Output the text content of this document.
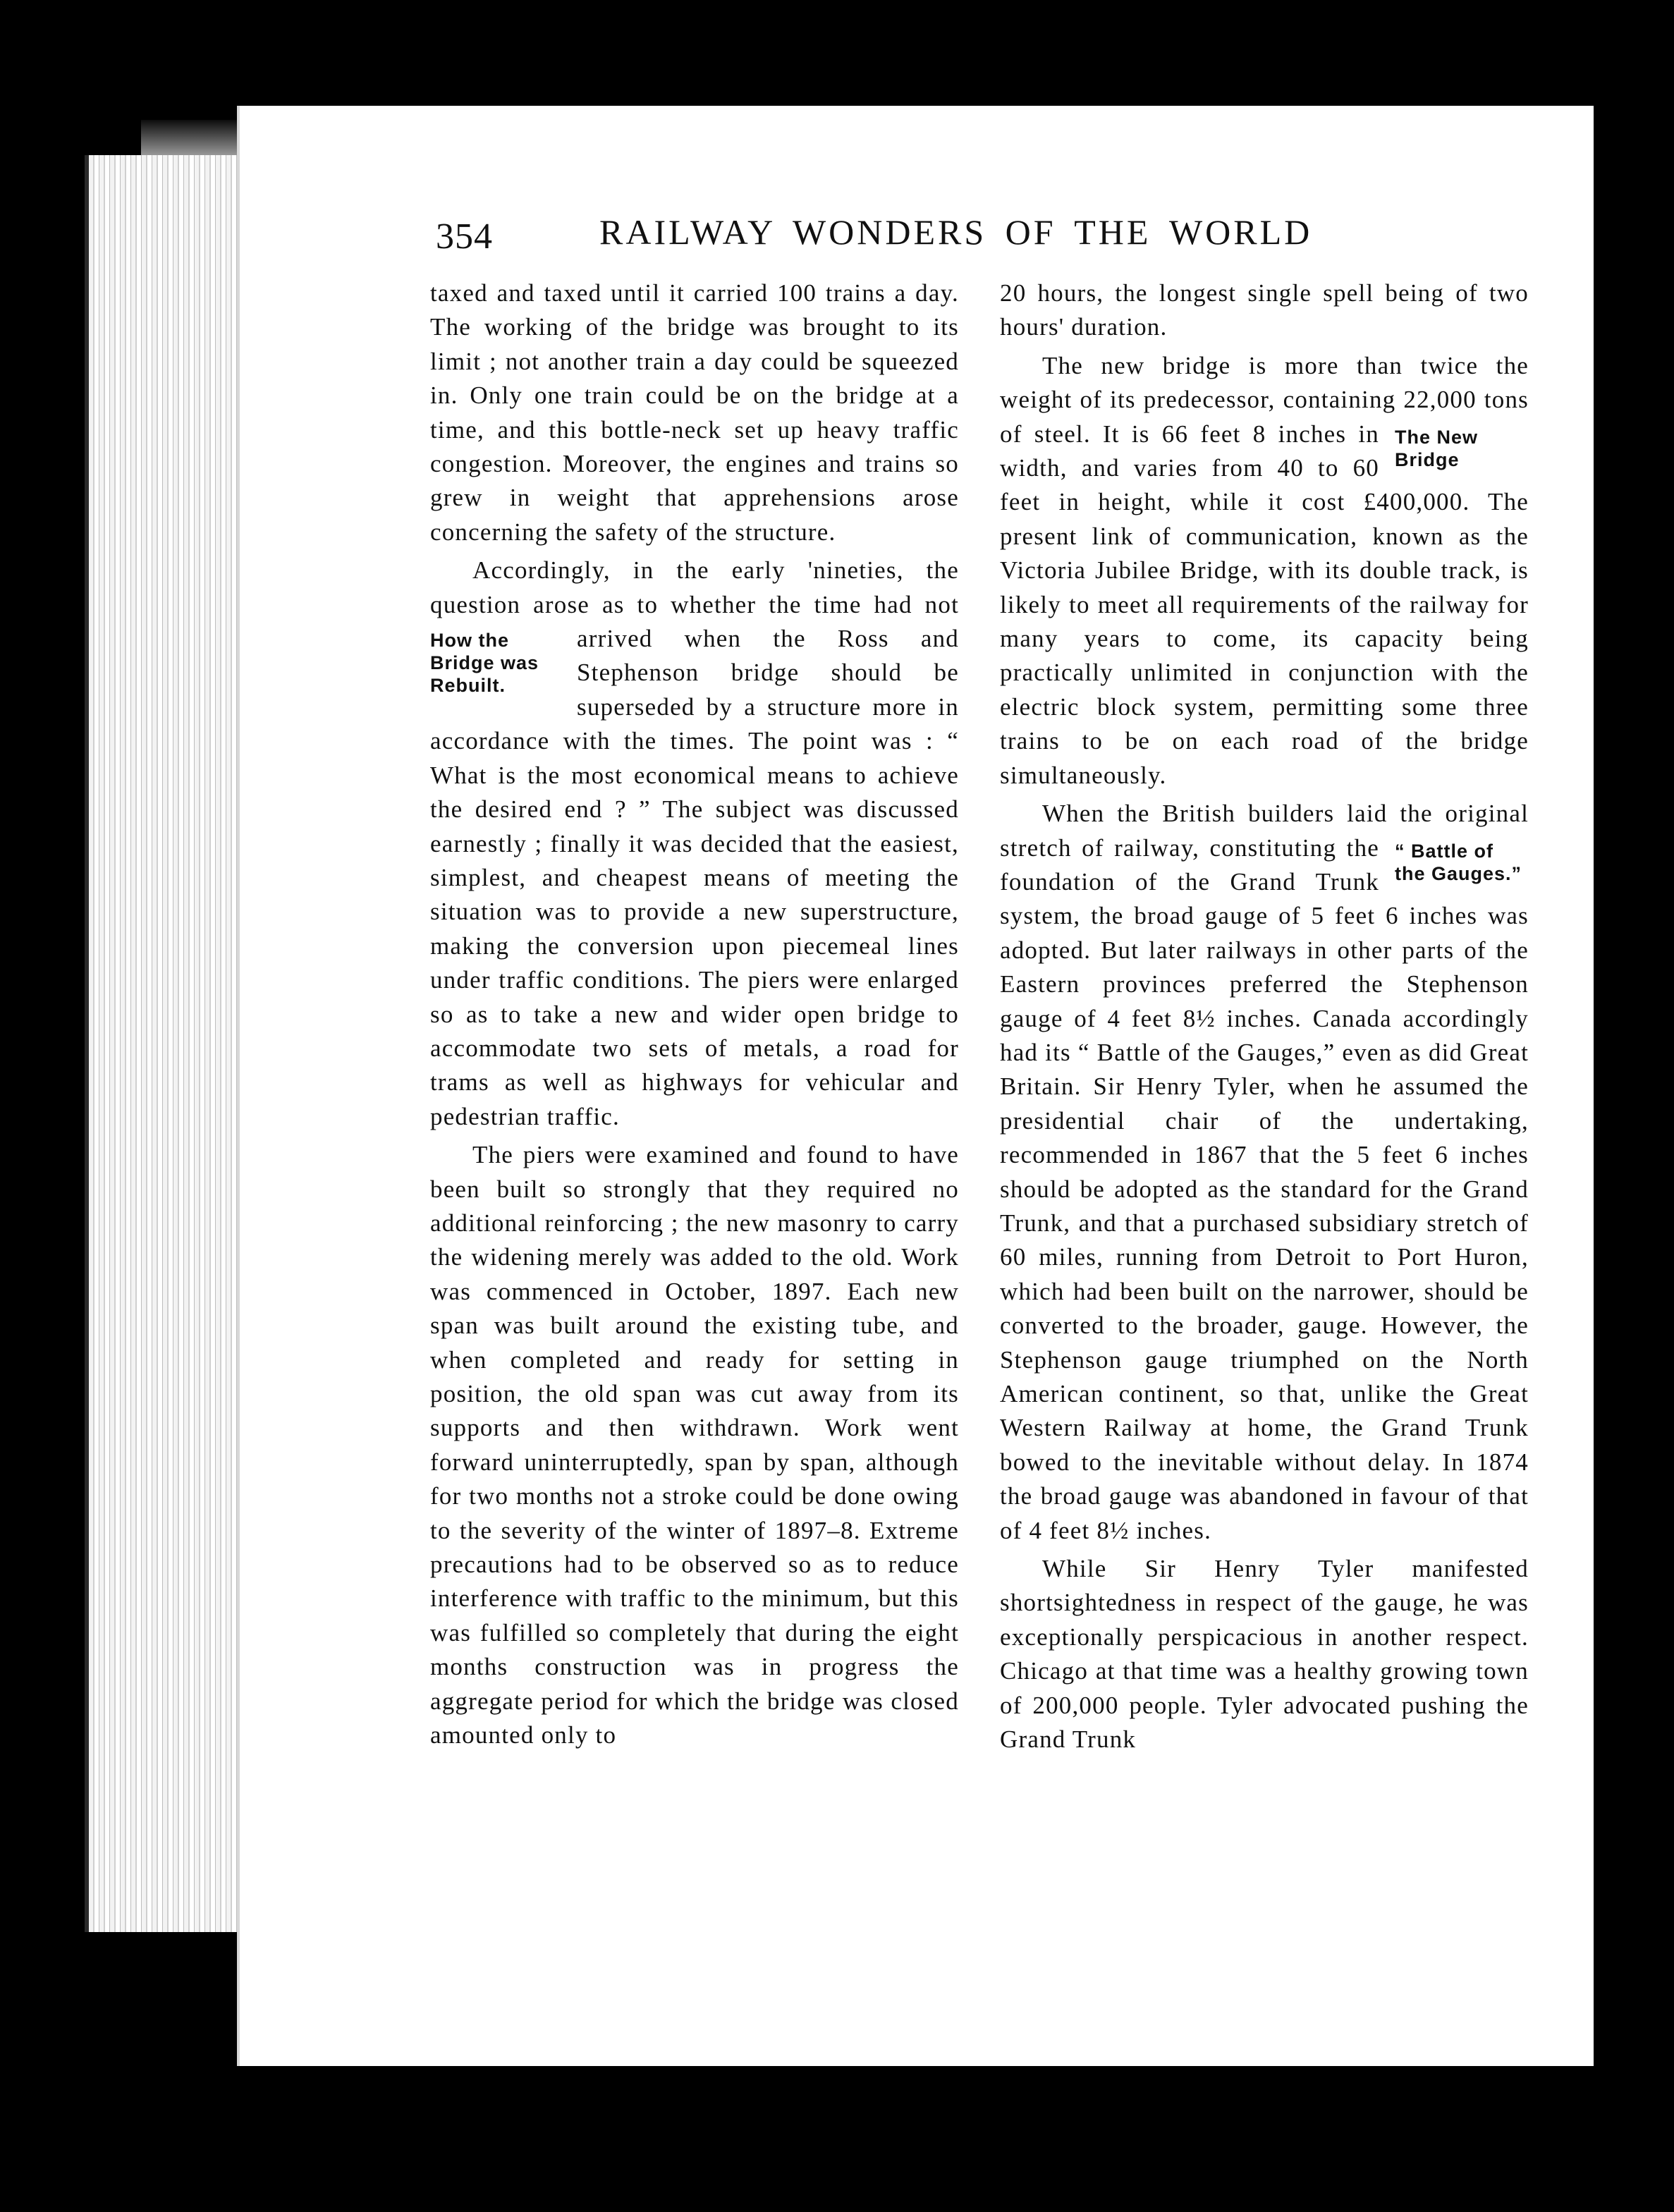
354	RAILWAY WONDERS OF THE WORLD

taxed and taxed until it carried 100 trains a day. The working of the bridge was brought to its limit ; not another train a day could be squeezed in. Only one train could be on the bridge at a time, and this bottle-neck set up heavy traffic congestion. Moreover, the engines and trains so grew in weight that apprehensions arose concerning the safety of the structure.

Accordingly, in the early 'nineties, the question arose as to whether the time had
How the Bridge was Rebuilt.
not arrived when the Ross and Stephenson bridge should be superseded by a structure more in accordance with the times. The point was : “ What is the most economical means to achieve the desired end ? ” The subject was discussed earnestly ; finally it was decided that the easiest, simplest, and cheapest means of meeting the situation was to provide a new superstructure, making the conversion upon piecemeal lines under traffic conditions. The piers were enlarged so as to take a new and wider open bridge to accommodate two sets of metals, a road for trams as well as highways for vehicular and pedestrian traffic.

The piers were examined and found to have been built so strongly that they required no additional reinforcing ; the new masonry to carry the widening merely was added to the old. Work was commenced in October, 1897. Each new span was built around the existing tube, and when completed and ready for setting in position, the old span was cut away from its supports and then withdrawn. Work went forward uninterruptedly, span by span, although for two months not a stroke could be done owing to the severity of the winter of 1897–8. Extreme precautions had to be observed so as to reduce interference with traffic to the minimum, but this was fulfilled so completely that during the eight months construction was in progress the aggregate period for which the bridge was closed amounted only to

20 hours, the longest single spell being of two hours' duration.

The new bridge is more than twice the weight of its predecessor, containing 22,000
The New Bridge
tons of steel. It is 66 feet 8 inches in width, and varies from 40 to 60 feet in height, while it cost £400,000. The present link of communication, known as the Victoria Jubilee Bridge, with its double track, is likely to meet all requirements of the railway for many years to come, its capacity being practically unlimited in conjunction with the electric block system, permitting some three trains to be on each road of the bridge simultaneously.

When the British builders laid the original stretch of railway, constituting	“ Battle of the Gauges.”
the foundation of the Grand Trunk system, the broad gauge of 5 feet 6 inches was adopted. But later railways in other parts of the Eastern provinces preferred the Stephenson gauge of 4 feet 8½ inches. Canada accordingly had its “ Battle of the Gauges,” even as did Great Britain. Sir Henry Tyler, when he assumed the presidential chair of the undertaking, recommended in 1867 that the 5 feet 6 inches should be adopted as the standard for the Grand Trunk, and that a purchased subsidiary stretch of 60 miles, running from Detroit to Port Huron, which had been built on the narrower, should be converted to the broader, gauge. However, the Stephenson gauge triumphed on the North American continent, so that, unlike the Great Western Railway at home, the Grand Trunk bowed to the inevitable without delay. In 1874 the broad gauge was abandoned in favour of that of 4 feet 8½ inches.

While Sir Henry Tyler manifested shortsightedness in respect of the gauge, he was exceptionally perspicacious in another respect. Chicago at that time was a healthy growing town of 200,000 people. Tyler advocated pushing the Grand Trunk
